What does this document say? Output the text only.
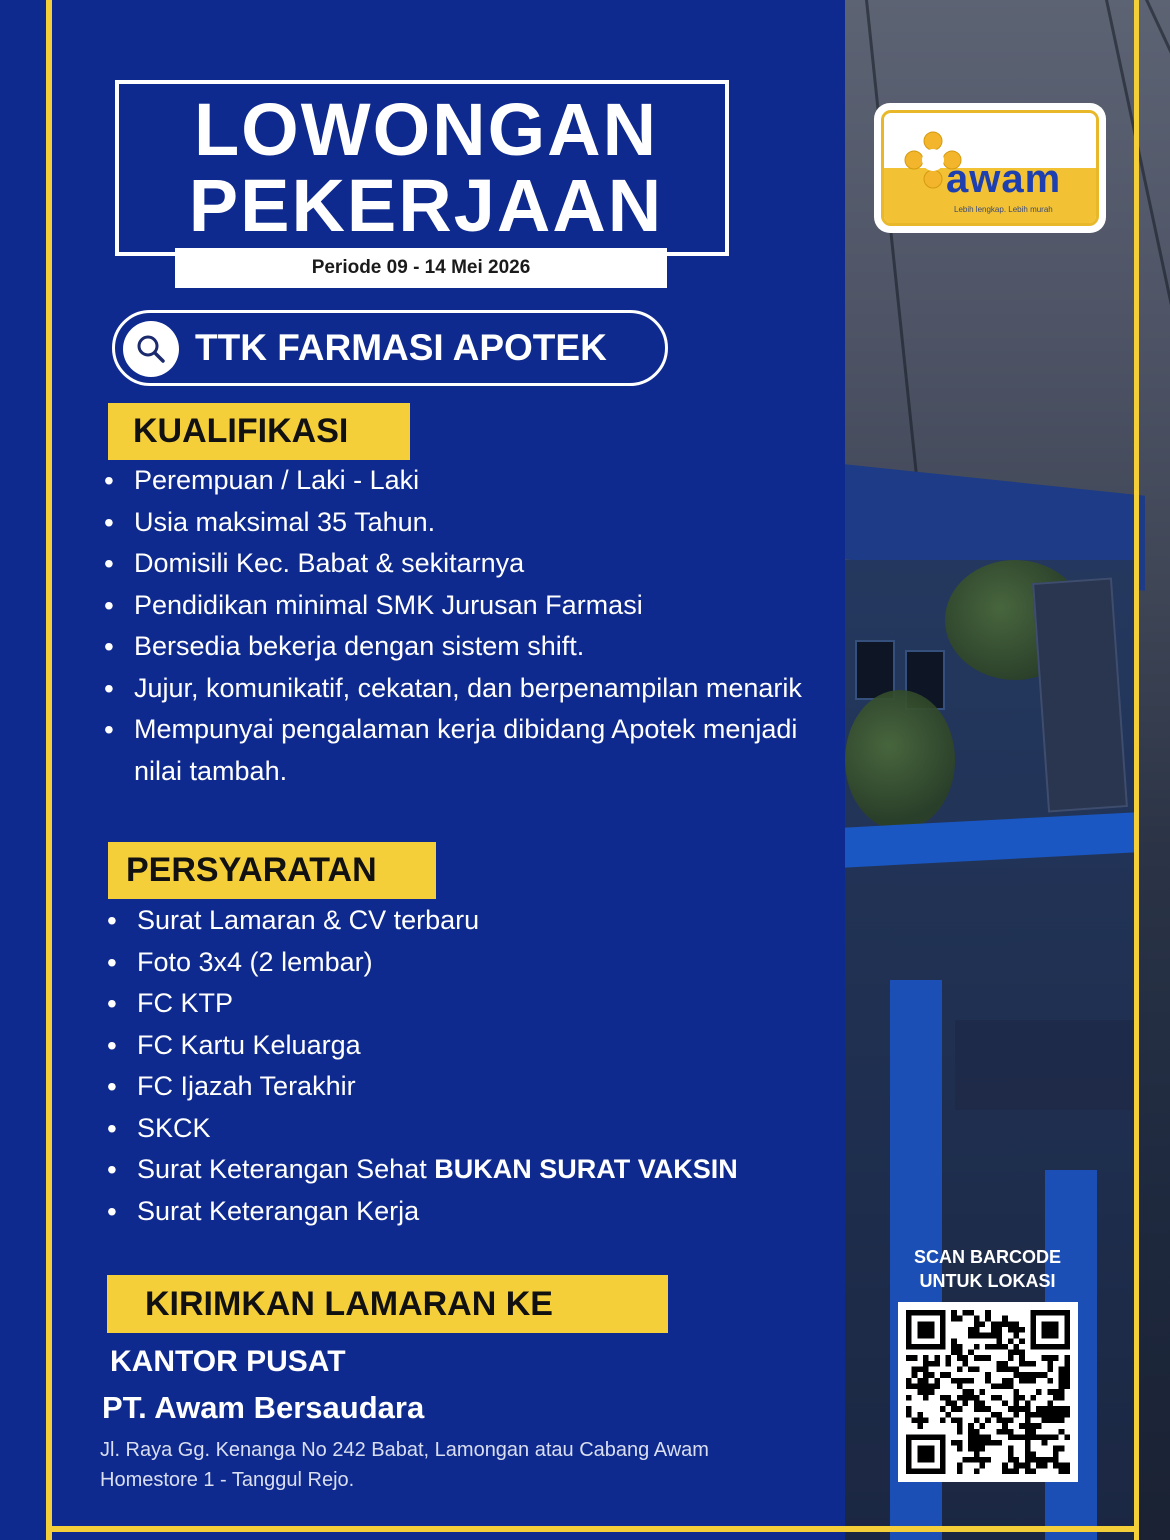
LOWONGAN
PEKERJAAN
Periode 09 - 14 Mei 2026
TTK FARMASI APOTEK
KUALIFIKASI
• Perempuan / Laki - Laki
• Usia maksimal 35 Tahun.
• Domisili Kec. Babat & sekitarnya
• Pendidikan minimal SMK Jurusan Farmasi
• Bersedia bekerja dengan sistem shift.
• Jujur, komunikatif, cekatan, dan berpenampilan menarik
• Mempunyai pengalaman kerja dibidang Apotek menjadi nilai tambah.
PERSYARATAN
• Surat Lamaran & CV terbaru
• Foto 3x4 (2 lembar)
• FC KTP
• FC Kartu Keluarga
• FC Ijazah Terakhir
• SKCK
• Surat Keterangan Sehat BUKAN SURAT VAKSIN
• Surat Keterangan Kerja
KIRIMKAN LAMARAN KE
KANTOR PUSAT
PT. Awam Bersaudara
Jl. Raya Gg. Kenanga No 242 Babat, Lamongan atau Cabang Awam Homestore 1 - Tanggul Rejo.
awam
Lebih lengkap. Lebih murah
SCAN BARCODE
UNTUK LOKASI
